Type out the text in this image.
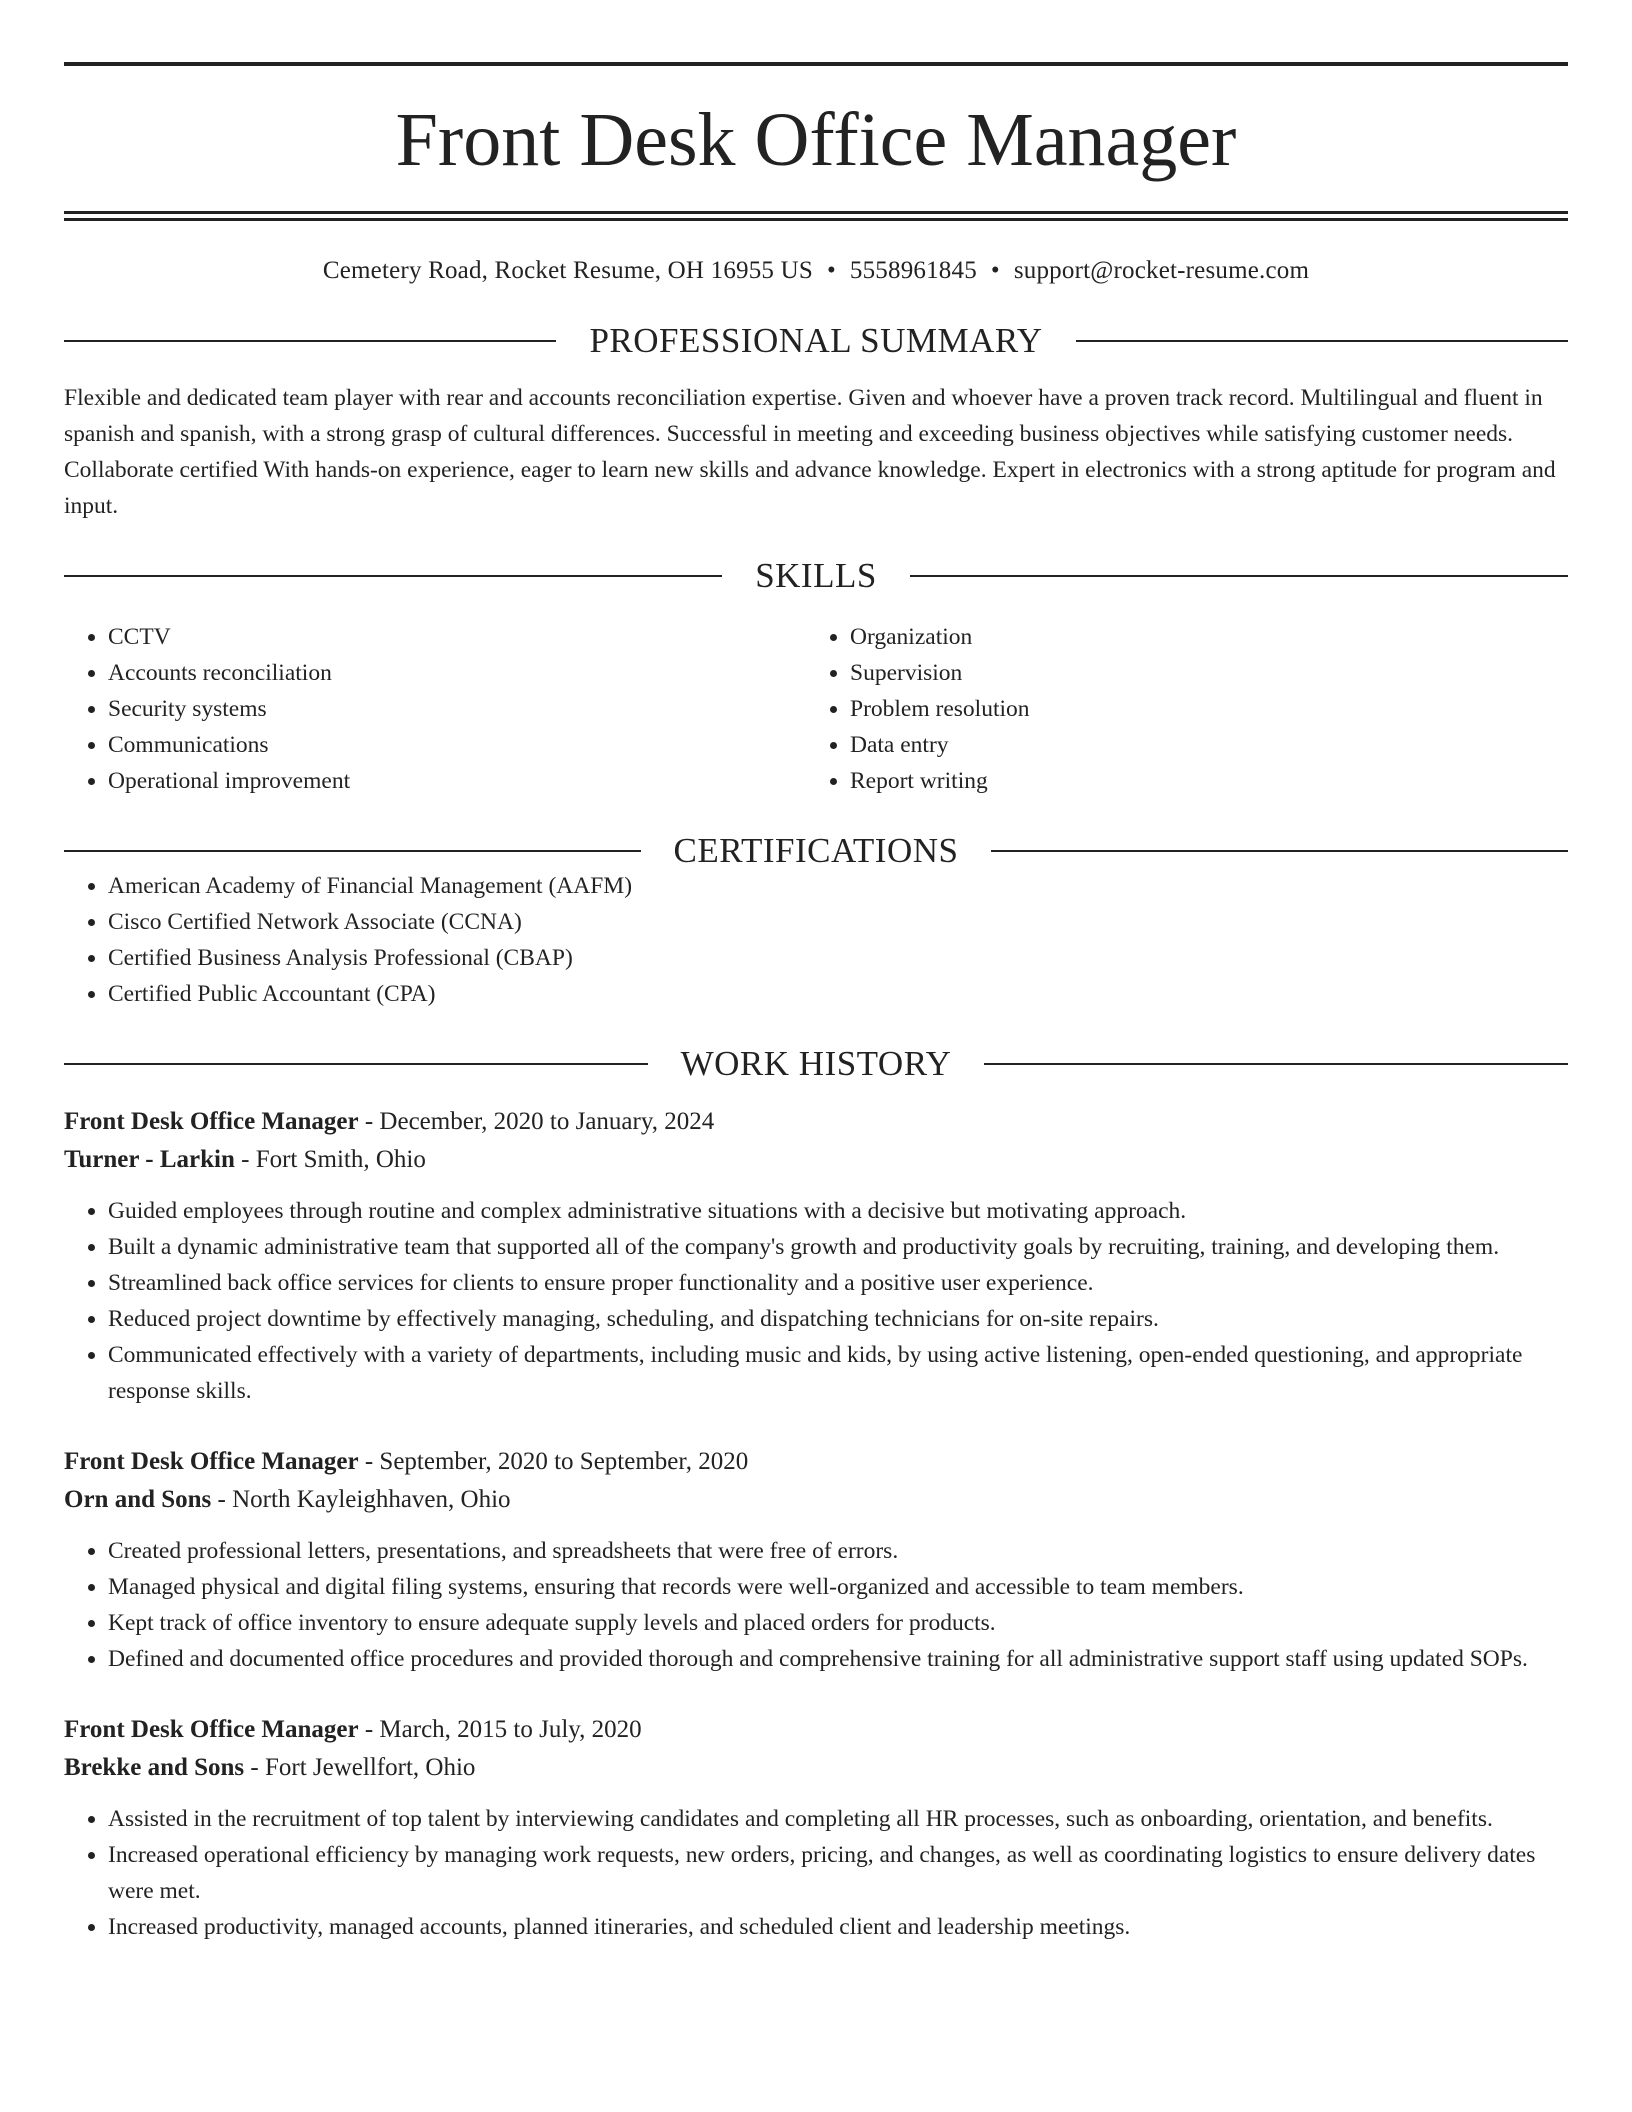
Front Desk Office Manager
Cemetery Road, Rocket Resume, OH 16955 US • 5558961845 • support@rocket-resume.com
PROFESSIONAL SUMMARY

Flexible and dedicated team player with rear and accounts reconciliation expertise. Given and whoever have a proven track record. Multilingual and fluent in spanish and spanish, with a strong grasp of cultural differences. Successful in meeting and exceeding business objectives while satisfying customer needs. Collaborate certified With hands-on experience, eager to learn new skills and advance knowledge. Expert in electronics with a strong aptitude for program and input.

SKILLS
• CCTV
• Accounts reconciliation
• Security systems
• Communications
• Operational improvement
• Organization
• Supervision
• Problem resolution
• Data entry
• Report writing
CERTIFICATIONS
• American Academy of Financial Management (AAFM)
• Cisco Certified Network Associate (CCNA)
• Certified Business Analysis Professional (CBAP)
• Certified Public Accountant (CPA)
WORK HISTORY
Front Desk Office Manager - December, 2020 to January, 2024
Turner - Larkin - Fort Smith, Ohio
• Guided employees through routine and complex administrative situations with a decisive but motivating approach.
• Built a dynamic administrative team that supported all of the company's growth and productivity goals by recruiting, training, and developing them.
• Streamlined back office services for clients to ensure proper functionality and a positive user experience.
• Reduced project downtime by effectively managing, scheduling, and dispatching technicians for on-site repairs.
• Communicated effectively with a variety of departments, including music and kids, by using active listening, open-ended questioning, and appropriate response skills.
Front Desk Office Manager - September, 2020 to September, 2020
Orn and Sons - North Kayleighhaven, Ohio
• Created professional letters, presentations, and spreadsheets that were free of errors.
• Managed physical and digital filing systems, ensuring that records were well-organized and accessible to team members.
• Kept track of office inventory to ensure adequate supply levels and placed orders for products.
• Defined and documented office procedures and provided thorough and comprehensive training for all administrative support staff using updated SOPs.
Front Desk Office Manager - March, 2015 to July, 2020
Brekke and Sons - Fort Jewellfort, Ohio
• Assisted in the recruitment of top talent by interviewing candidates and completing all HR processes, such as onboarding, orientation, and benefits.
• Increased operational efficiency by managing work requests, new orders, pricing, and changes, as well as coordinating logistics to ensure delivery dates were met.
• Increased productivity, managed accounts, planned itineraries, and scheduled client and leadership meetings.
